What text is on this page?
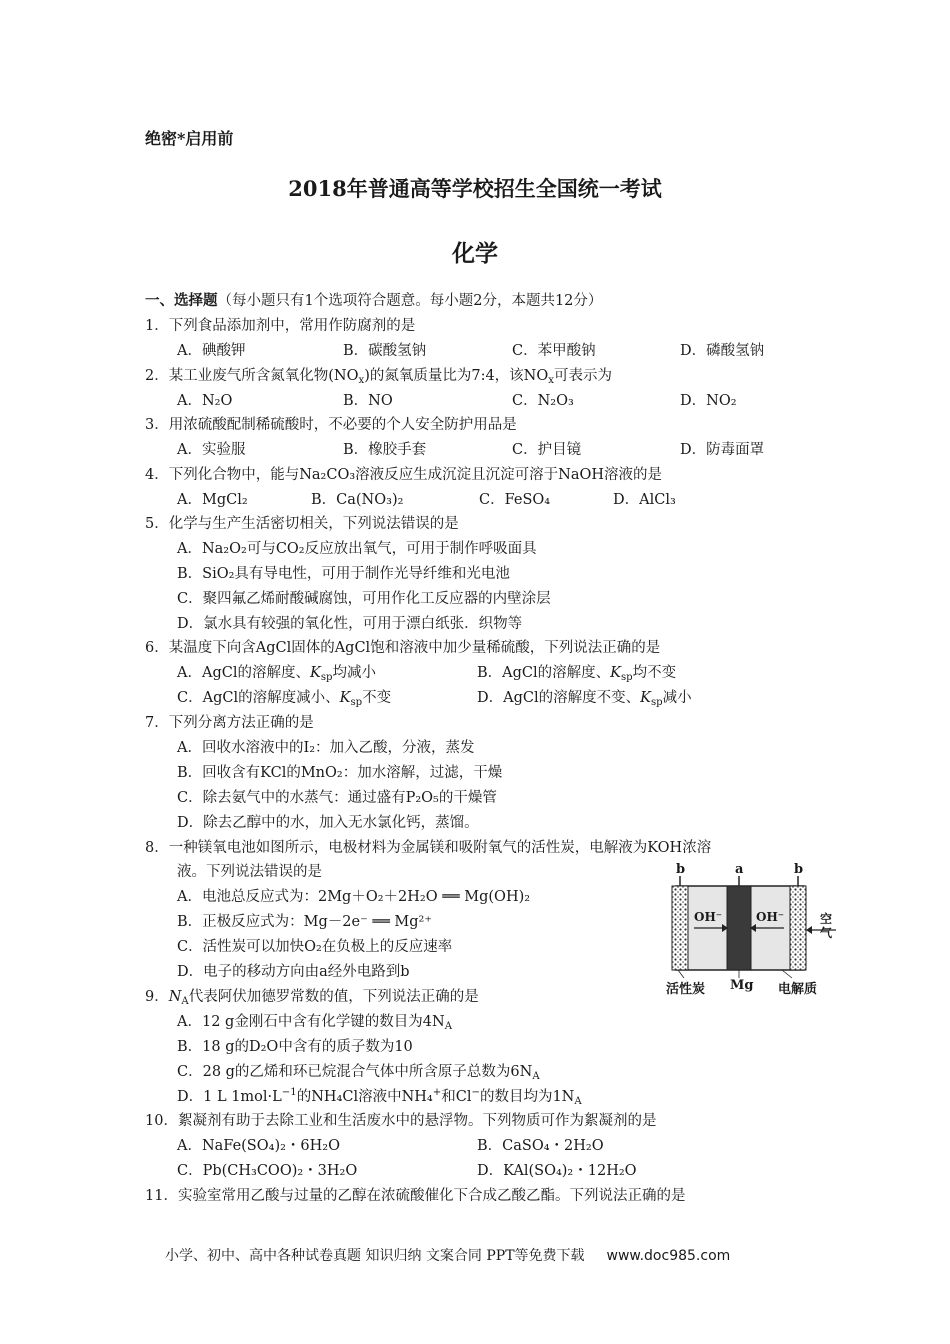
绝密*启用前
2018年普通高等学校招生全国统一考试
化学
一、选择题（每小题只有1个选项符合题意。每小题2分，本题共12分）
1．下列食品添加剂中，常用作防腐剂的是
A．碘酸钾	B．碳酸氢钠	C．苯甲酸钠	D．磷酸氢钠
2．某工业废气所含氮氧化物$(NO_x)$的氮氧质量比为7:4，该$NO_x$可表示为
A．N₂O	B．NO	C．N₂O₃	D．NO₂
3．用浓硫酸配制稀硫酸时，不必要的个人安全防护用品是
A．实验服	B．橡胶手套	C．护目镜	D．防毒面罩
4．下列化合物中，能与Na₂CO₃溶液反应生成沉淀且沉淀可溶于NaOH溶液的是
A．MgCl₂	B．Ca(NO₃)₂	C．FeSO₄	D．AlCl₃
5．化学与生产生活密切相关，下列说法错误的是
A．Na₂O₂可与CO₂反应放出氧气，可用于制作呼吸面具
B．SiO₂具有导电性，可用于制作光导纤维和光电池
C．聚四氟乙烯耐酸碱腐蚀，可用作化工反应器的内壁涂层
D．氯水具有较强的氧化性，可用于漂白纸张．织物等
6．某温度下向含AgCl固体的AgCl饱和溶液中加少量稀硫酸，下列说法正确的是
A．AgCl的溶解度、$K_{sp}$均减小	B．AgCl的溶解度、$K_{sp}$均不变
C．AgCl的溶解度减小、$K_{sp}$不变	D．AgCl的溶解度不变、$K_{sp}$减小
7．下列分离方法正确的是
A．回收水溶液中的I₂：加入乙酸，分液，蒸发
B．回收含有KCl的MnO₂：加水溶解，过滤，干燥
C．除去氨气中的水蒸气：通过盛有P₂O₅的干燥管
D．除去乙醇中的水，加入无水氯化钙，蒸馏。
8．一种镁氧电池如图所示，电极材料为金属镁和吸附氧气的活性炭，电解液为KOH浓溶
液。下列说法错误的是
A．电池总反应式为：2Mg＋O₂＋2H₂O ══ Mg(OH)₂
B．正极反应式为：Mg－2e⁻ ══ Mg²⁺
C．活性炭可以加快O₂在负极上的反应速率
D．电子的移动方向由a经外电路到b
b	a	b
OH⁻	OH⁻	空气
活性炭 Mg 电解质
9．$N_A$代表阿伏加德罗常数的值，下列说法正确的是
A．12 g金刚石中含有化学键的数目为$4N_A$
B．18 g的D₂O中含有的质子数为10
C．28 g的乙烯和环已烷混合气体中所含原子总数为$6N_A$
D．1 L $1mol\cdot L^{-1}$的NH₄Cl溶液中NH₄+和Cl−的数目均为$1N_A$
10．絮凝剂有助于去除工业和生活废水中的悬浮物。下列物质可作为絮凝剂的是
A．NaFe(SO₄)₂・6H₂O	B．CaSO₄・2H₂O
C．Pb(CH₃COO)₂・3H₂O	D．KAl(SO₄)₂・12H₂O
11．实验室常用乙酸与过量的乙醇在浓硫酸催化下合成乙酸乙酯。下列说法正确的是
小学、初中、高中各种试卷真题 知识归纳 文案合同 PPT等免费下载 www.doc985.com
